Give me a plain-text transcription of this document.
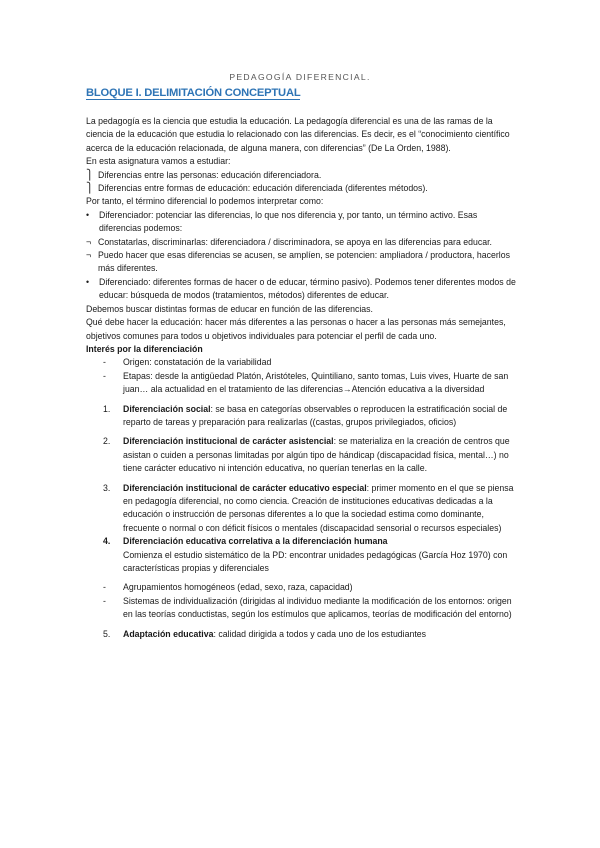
PEDAGOGÍA DIFERENCIAL.
BLOQUE I. DELIMITACIÓN CONCEPTUAL

La pedagogía es la ciencia que estudia la educación. La pedagogía diferencial es una de las ramas de la ciencia de la educación que estudia lo relacionado con las diferencias. Es decir, es el “conocimiento científico acerca de la educación relacionada, de alguna manera, con diferencias” (De La Orden, 1988).

En esta asignatura vamos a estudiar:

⎫ Diferencias entre las personas: educación diferenciadora.
⎫ Diferencias entre formas de educación: educación diferenciada (diferentes métodos).

Por tanto, el término diferencial lo podemos interpretar como:

•	Diferenciador: potenciar las diferencias, lo que nos diferencia y, por tanto, un término activo. Esas diferencias podemos:
¬ Constatarlas, discriminarlas: diferenciadora / discriminadora, se apoya en las diferencias para educar.
¬ Puedo hacer que esas diferencias se acusen, se amplíen, se potencien: ampliadora / productora, hacerlos más diferentes.
•	Diferenciado: diferentes formas de hacer o de educar, término pasivo). Podemos tener diferentes modos de educar: búsqueda de modos (tratamientos, métodos) diferentes de educar.

Debemos buscar distintas formas de educar en función de las diferencias.

Qué debe hacer la educación: hacer más diferentes a las personas o hacer a las personas más semejantes, objetivos comunes para todos u objetivos individuales para potenciar el perfil de cada uno.

Interés por la diferenciación

-	Origen: constatación de la variabilidad
-	Etapas: desde la antigüedad Platón, Aristóteles, Quintiliano, santo tomas, Luis vives, Huarte de san juan… ala actualidad en el tratamiento de las diferencias→Atención educativa a la diversidad
1.	Diferenciación social: se basa en categorías observables o reproducen la estratificación social de reparto de tareas y preparación para realizarlas ((castas, grupos privilegiados, oficios)
2.	Diferenciación institucional de carácter asistencial: se materializa en la creación de centros que asistan o cuiden a personas limitadas por algún tipo de hándicap (discapacidad física, mental…) no tiene carácter educativo ni intención educativa, no querían tenerlas en la calle.
3.	Diferenciación institucional de carácter educativo especial: primer momento en el que se piensa en pedagogía diferencial, no como ciencia. Creación de instituciones educativas dedicadas a la educación o instrucción de personas diferentes a lo que la sociedad estima como dominante, frecuente o normal o con déficit físicos o mentales (discapacidad sensorial o recursos especiales)
4.	Diferenciación educativa correlativa a la diferenciación humana
Comienza el estudio sistemático de la PD: encontrar unidades pedagógicas (García Hoz 1970) con características propias y diferenciales
-	Agrupamientos homogéneos (edad, sexo, raza, capacidad)
-	Sistemas de individualización (dirigidas al individuo mediante la modificación de los entornos: origen en las teorías conductistas, según los estímulos que aplicamos, teorías de modificación del entorno)
5.	Adaptación educativa: calidad dirigida a todos y cada uno de los estudiantes
